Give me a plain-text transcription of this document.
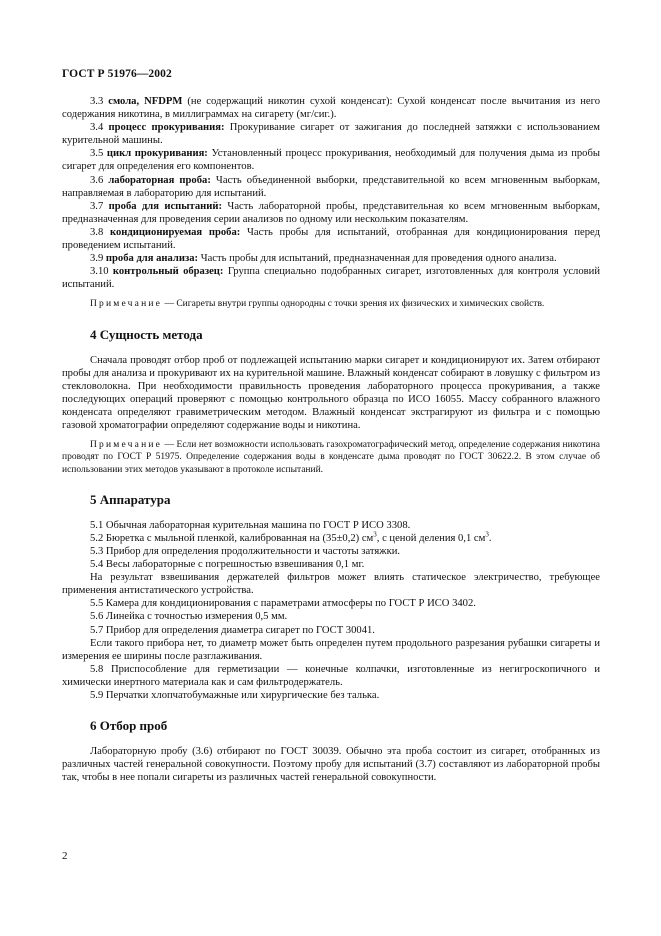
ГОСТ Р 51976—2002

3.3 смола, NFDPM (не содержащий никотин сухой конденсат): Сухой конденсат после вычитания из него содержания никотина, в миллиграммах на сигарету (мг/сиг.).

3.4 процесс прокуривания: Прокуривание сигарет от зажигания до последней затяжки с использованием курительной машины.

3.5 цикл прокуривания: Установленный процесс прокуривания, необходимый для получения дыма из пробы сигарет для определения его компонентов.

3.6 лабораторная проба: Часть объединенной выборки, представительной ко всем мгновенным выборкам, направляемая в лабораторию для испытаний.

3.7 проба для испытаний: Часть лабораторной пробы, представительная ко всем мгновенным выборкам, предназначенная для проведения серии анализов по одному или нескольким показателям.

3.8 кондиционируемая проба: Часть пробы для испытаний, отобранная для кондиционирования перед проведением испытаний.

3.9 проба для анализа: Часть пробы для испытаний, предназначенная для проведения одного анализа.

3.10 контрольный образец: Группа специально подобранных сигарет, изготовленных для контроля условий испытаний.

Примечание — Сигареты внутри группы однородны с точки зрения их физических и химических свойств.

4 Сущность метода

Сначала проводят отбор проб от подлежащей испытанию марки сигарет и кондиционируют их. Затем отбирают пробы для анализа и прокуривают их на курительной машине. Влажный конденсат собирают в ловушку с фильтром из стекловолокна. При необходимости правильность проведения лабораторного процесса прокуривания, а также последующих операций проверяют с помощью контрольного образца по ИСО 16055. Массу собранного влажного конденсата определяют гравиметрическим методом. Влажный конденсат экстрагируют из фильтра и с помощью газовой хроматографии определяют содержание воды и никотина.

Примечание — Если нет возможности использовать газохроматографический метод, определение содержания никотина проводят по ГОСТ Р 51975. Определение содержания воды в конденсате дыма проводят по ГОСТ 30622.2. В этом случае об использовании этих методов указывают в протоколе испытаний.

5 Аппаратура

5.1 Обычная лабораторная курительная машина по ГОСТ Р ИСО 3308.

5.2 Бюретка с мыльной пленкой, калиброванная на (35±0,2) $см^3$, с ценой деления 0,1 $см^3$.

5.3 Прибор для определения продолжительности и частоты затяжки.

5.4 Весы лабораторные с погрешностью взвешивания 0,1 мг.

На результат взвешивания держателей фильтров может влиять статическое электричество, требующее применения антистатического устройства.

5.5 Камера для кондиционирования с параметрами атмосферы по ГОСТ Р ИСО 3402.

5.6 Линейка с точностью измерения 0,5 мм.

5.7 Прибор для определения диаметра сигарет по ГОСТ 30041.

Если такого прибора нет, то диаметр может быть определен путем продольного разрезания рубашки сигареты и измерения ее ширины после разглаживания.

5.8 Приспособление для герметизации — конечные колпачки, изготовленные из негигроскопичного и химически инертного материала как и сам фильтродержатель.

5.9 Перчатки хлопчатобумажные или хирургические без талька.

6 Отбор проб

Лабораторную пробу (3.6) отбирают по ГОСТ 30039. Обычно эта проба состоит из сигарет, отобранных из различных частей генеральной совокупности. Поэтому пробу для испытаний (3.7) составляют из лабораторной пробы так, чтобы в нее попали сигареты из различных частей генеральной совокупности.

2
